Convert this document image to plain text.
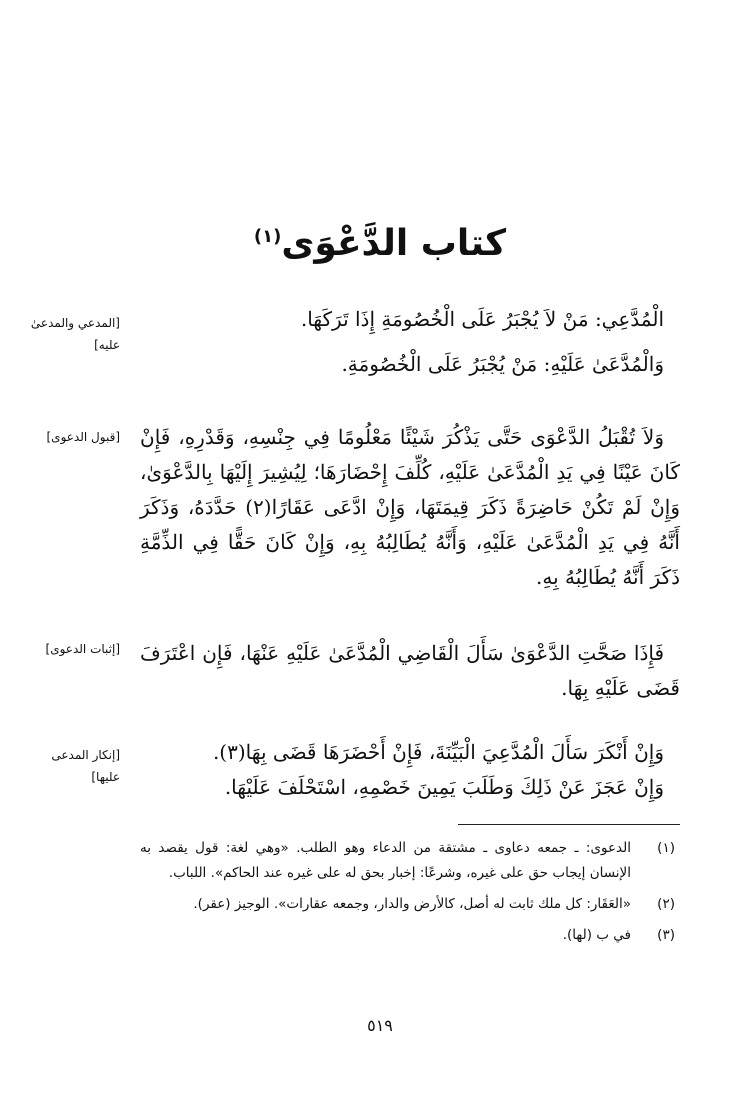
كتاب الدَّعْوَى$^{(١)}$
[المدعي والمدعىٰ عليه]

الْمُدَّعِي: مَنْ لاَ يُجْبَرُ عَلَى الْخُصُومَةِ إِذَا تَرَكَهَا.

وَالْمُدَّعَىٰ عَلَيْهِ: مَنْ يُجْبَرُ عَلَى الْخُصُومَةِ.

[قبول الدعوى] وَلاَ تُقْبَلُ الدَّعْوَى حَتَّى يَذْكُرَ شَيْئًا مَعْلُومًا فِي جِنْسِهِ، وَقَدْرِهِ، فَإِنْ كَانَ عَيْنًا فِي يَدِ الْمُدَّعَىٰ عَلَيْهِ، كُلِّفَ إِحْضَارَهَا؛ لِيُشِيرَ إِلَيْهَا بِالدَّعْوَىٰ، وَإِنْ لَمْ تَكُنْ حَاضِرَةً ذَكَرَ قِيمَتَهَا، وَإِنْ ادَّعَى عَقَارًا(٢) حَدَّدَهُ، وَذَكَرَ أَنَّهُ فِي يَدِ الْمُدَّعَىٰ عَلَيْهِ، وَأَنَّهُ يُطَالِبُهُ بِهِ، وَإِنْ كَانَ حَقًّا فِي الذِّمَّةِ ذَكَرَ أَنَّهُ يُطَالِبُهُ بِهِ.

[إثبات الدعوى] فَإِذَا صَحَّتِ الدَّعْوَىٰ سَأَلَ الْقَاضِي الْمُدَّعَىٰ عَلَيْهِ عَنْهَا، فَإِن اعْتَرَفَ قَضَى عَلَيْهِ بِهَا.

[إنكار المدعى عليها]

وَإِنْ أَنْكَرَ سَأَلَ الْمُدَّعِيَ الْبَيِّنَةَ، فَإِنْ أَحْضَرَهَا قَضَى بِهَا(٣).

وَإِنْ عَجَزَ عَنْ ذَلِكَ وَطَلَبَ يَمِينَ خَصْمِهِ، اسْتَحْلَفَ عَلَيْهَا.

(١)
الدعوى: ـ جمعه دعاوى ـ مشتقة من الدعاء وهو الطلب. «وهي لغة: قول يقصد به الإنسان إيجاب حق على غيره، وشرعًا: إخبار بحق له على غيره عند الحاكم». اللباب.
(٢)
«العَقَار: كل ملك ثابت له أصل، كالأرض والدار، وجمعه عقارات». الوجيز (عقر).
(٣)
في ب (لها).
٥١٩
